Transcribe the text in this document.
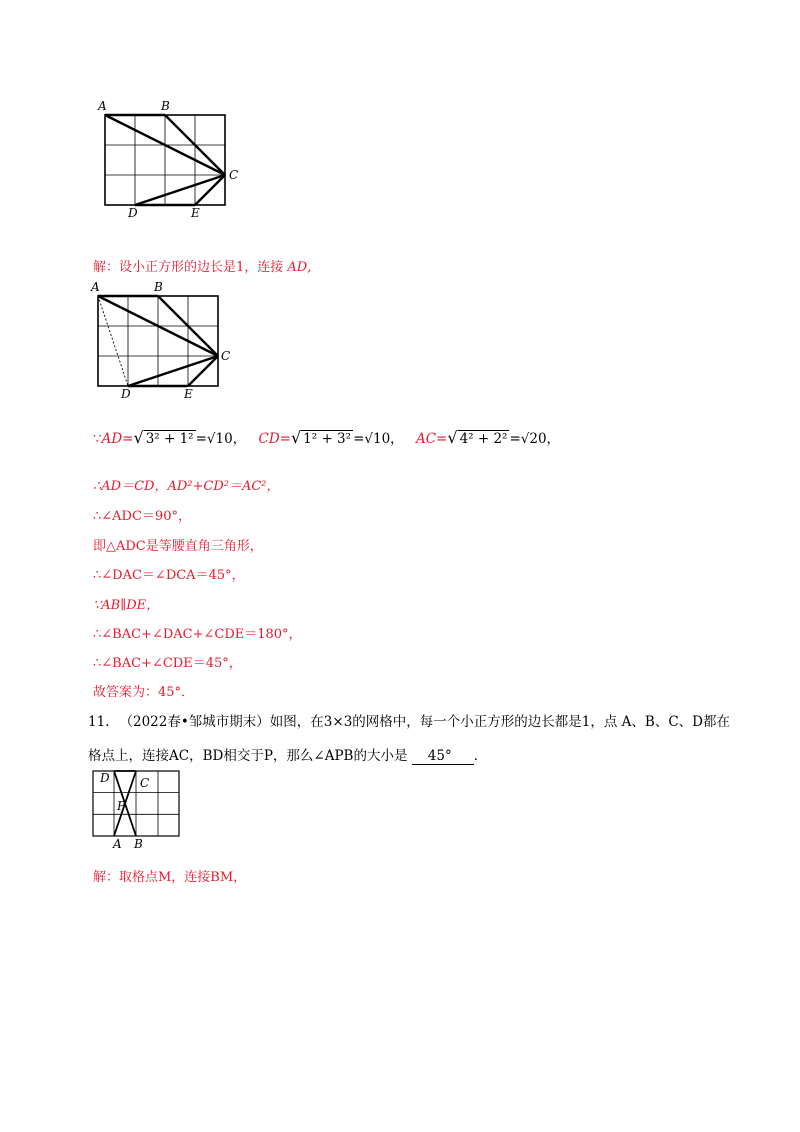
A	B
C
D	E
解：设小正方形的边长是1，连接 AD,
A	B
C
D	E
∵AD=√ 3² + 1² =√10， CD=√ 1² + 3² =√10， AC=√ 4² + 2² =√20，
∴AD＝CD，AD²+CD²＝AC²，
∴∠ADC＝90°，
即△ADC是等腰直角三角形，
∴∠DAC＝∠DCA＝45°，
∵AB∥DE，
∴∠BAC+∠DAC+∠CDE＝180°，
∴∠BAC+∠CDE＝45°，
故答案为：45°．
11. （2022春•邹城市期末）如图，在3×3的网格中，每一个小正方形的边长都是1，点 A、B、C、D都在
格点上，连接AC，BD相交于P，那么∠APB的大小是 45° ．
D	C
P
A B
解：取格点M，连接BM，
